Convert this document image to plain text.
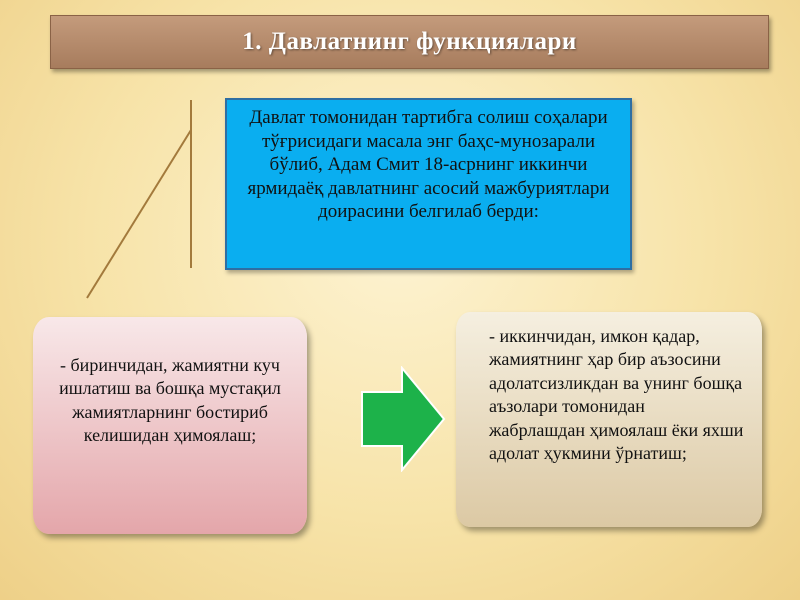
1. Давлатнинг функциялари
Давлат томонидан тартибга солиш соҳалари тўғрисидаги масала энг баҳс-мунозарали бўлиб, Адам Смит 18-асрнинг иккинчи ярмидаёқ давлатнинг асосий мажбуриятлари доирасини белгилаб берди:
- биринчидан, жамиятни куч ишлатиш ва бошқа мустақил жамиятларнинг бостириб келишидан ҳимоялаш;
- иккинчидан, имкон қадар, жамиятнинг ҳар бир аъзосини адолатсизликдан ва унинг бошқа аъзолари томонидан жабрлашдан ҳимоялаш ёки яхши адолат ҳукмини ўрнатиш;
